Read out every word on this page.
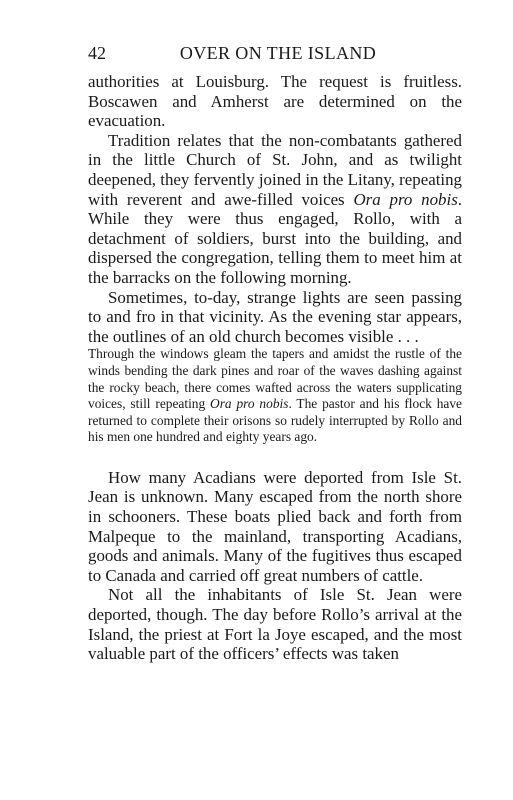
42	OVER ON THE ISLAND

authorities at Louisburg. The request is fruitless. Boscawen and Amherst are determined on the evacuation.

Tradition relates that the non-combatants gathered in the little Church of St. John, and as twilight deepened, they fervently joined in the Litany, repeating with reverent and awe-filled voices Ora pro nobis. While they were thus engaged, Rollo, with a detachment of soldiers, burst into the building, and dispersed the congregation, telling them to meet him at the barracks on the following morning.

Sometimes, to-day, strange lights are seen passing to and fro in that vicinity. As the evening star appears, the outlines of an old church becomes visible . . .

Through the windows gleam the tapers and amidst the rustle of the winds bending the dark pines and roar of the waves dashing against the rocky beach, there comes wafted across the waters supplicating voices, still repeating Ora pro nobis. The pastor and his flock have returned to complete their orisons so rudely interrupted by Rollo and his men one hundred and eighty years ago.

How many Acadians were deported from Isle St. Jean is unknown. Many escaped from the north shore in schooners. These boats plied back and forth from Malpeque to the mainland, transporting Acadians, goods and animals. Many of the fugitives thus escaped to Canada and carried off great numbers of cattle.

Not all the inhabitants of Isle St. Jean were deported, though. The day before Rollo’s arrival at the Island, the priest at Fort la Joye escaped, and the most valuable part of the officers’ effects was taken
